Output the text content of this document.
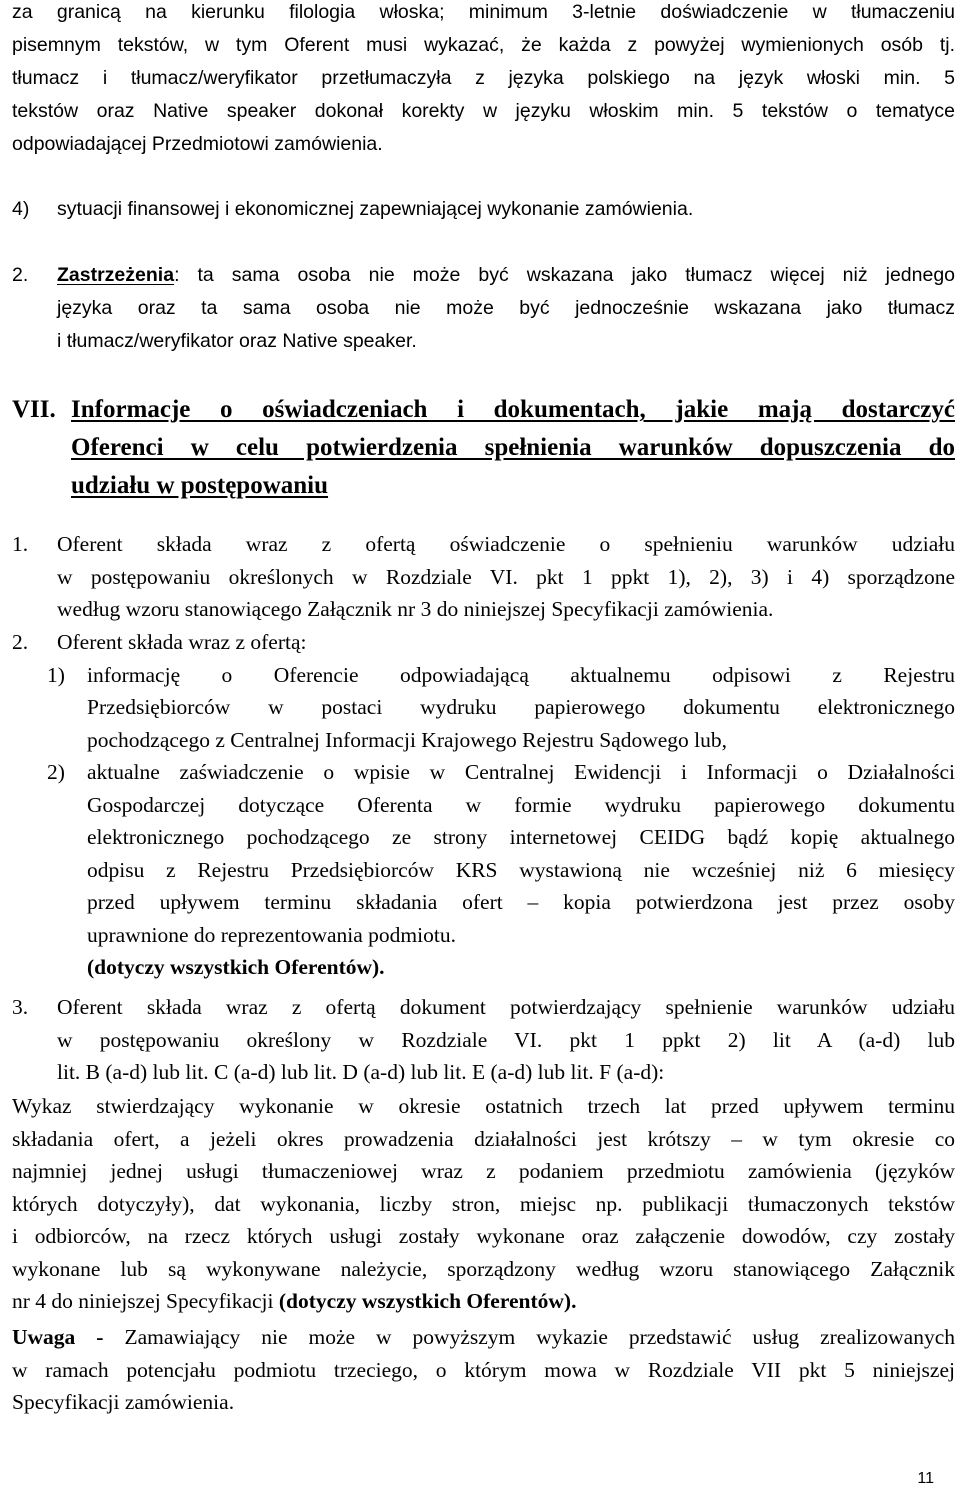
za granicą na kierunku filologia włoska; minimum 3-letnie doświadczenie w tłumaczeniu
pisemnym tekstów, w tym Oferent musi wykazać, że każda z powyżej wymienionych osób tj.
tłumacz i tłumacz/weryfikator przetłumaczyła z języka polskiego na język włoski min. 5
tekstów oraz Native speaker dokonał korekty w języku włoskim min. 5 tekstów o tematyce
odpowiadającej Przedmiotowi zamówienia.
4) sytuacji finansowej i ekonomicznej zapewniającej wykonanie zamówienia.
2. Zastrzeżenia: ta sama osoba nie może być wskazana jako tłumacz więcej niż jednego
języka oraz ta sama osoba nie może być jednocześnie wskazana jako tłumacz
i tłumacz/weryfikator oraz Native speaker.
VII. Informacje o oświadczeniach i dokumentach, jakie mają dostarczyć
Oferenci w celu potwierdzenia spełnienia warunków dopuszczenia do
udziału w postępowaniu
1. Oferent składa wraz z ofertą oświadczenie o spełnieniu warunków udziału
w postępowaniu określonych w Rozdziale VI. pkt 1 ppkt 1), 2), 3) i 4) sporządzone
według wzoru stanowiącego Załącznik nr 3 do niniejszej Specyfikacji zamówienia.
2. Oferent składa wraz z ofertą:
1) informację o Oferencie odpowiadającą aktualnemu odpisowi z Rejestru
Przedsiębiorców w postaci wydruku papierowego dokumentu elektronicznego
pochodzącego z Centralnej Informacji Krajowego Rejestru Sądowego lub,
2) aktualne zaświadczenie o wpisie w Centralnej Ewidencji i Informacji o Działalności
Gospodarczej dotyczące Oferenta w formie wydruku papierowego dokumentu
elektronicznego pochodzącego ze strony internetowej CEIDG bądź kopię aktualnego
odpisu z Rejestru Przedsiębiorców KRS wystawioną nie wcześniej niż 6 miesięcy
przed upływem terminu składania ofert – kopia potwierdzona jest przez osoby
uprawnione do reprezentowania podmiotu.
(dotyczy wszystkich Oferentów).
3. Oferent składa wraz z ofertą dokument potwierdzający spełnienie warunków udziału
w postępowaniu określony w Rozdziale VI. pkt 1 ppkt 2) lit A (a-d) lub
lit. B (a-d) lub lit. C (a-d) lub lit. D (a-d) lub lit. E (a-d) lub lit. F (a-d):
Wykaz stwierdzający wykonanie w okresie ostatnich trzech lat przed upływem terminu
składania ofert, a jeżeli okres prowadzenia działalności jest krótszy – w tym okresie co
najmniej jednej usługi tłumaczeniowej wraz z podaniem przedmiotu zamówienia (języków
których dotyczyły), dat wykonania, liczby stron, miejsc np. publikacji tłumaczonych tekstów
i odbiorców, na rzecz których usługi zostały wykonane oraz załączenie dowodów, czy zostały
wykonane lub są wykonywane należycie, sporządzony według wzoru stanowiącego Załącznik
nr 4 do niniejszej Specyfikacji (dotyczy wszystkich Oferentów).
Uwaga - Zamawiający nie może w powyższym wykazie przedstawić usług zrealizowanych
w ramach potencjału podmiotu trzeciego, o którym mowa w Rozdziale VII pkt 5 niniejszej
Specyfikacji zamówienia.
11
